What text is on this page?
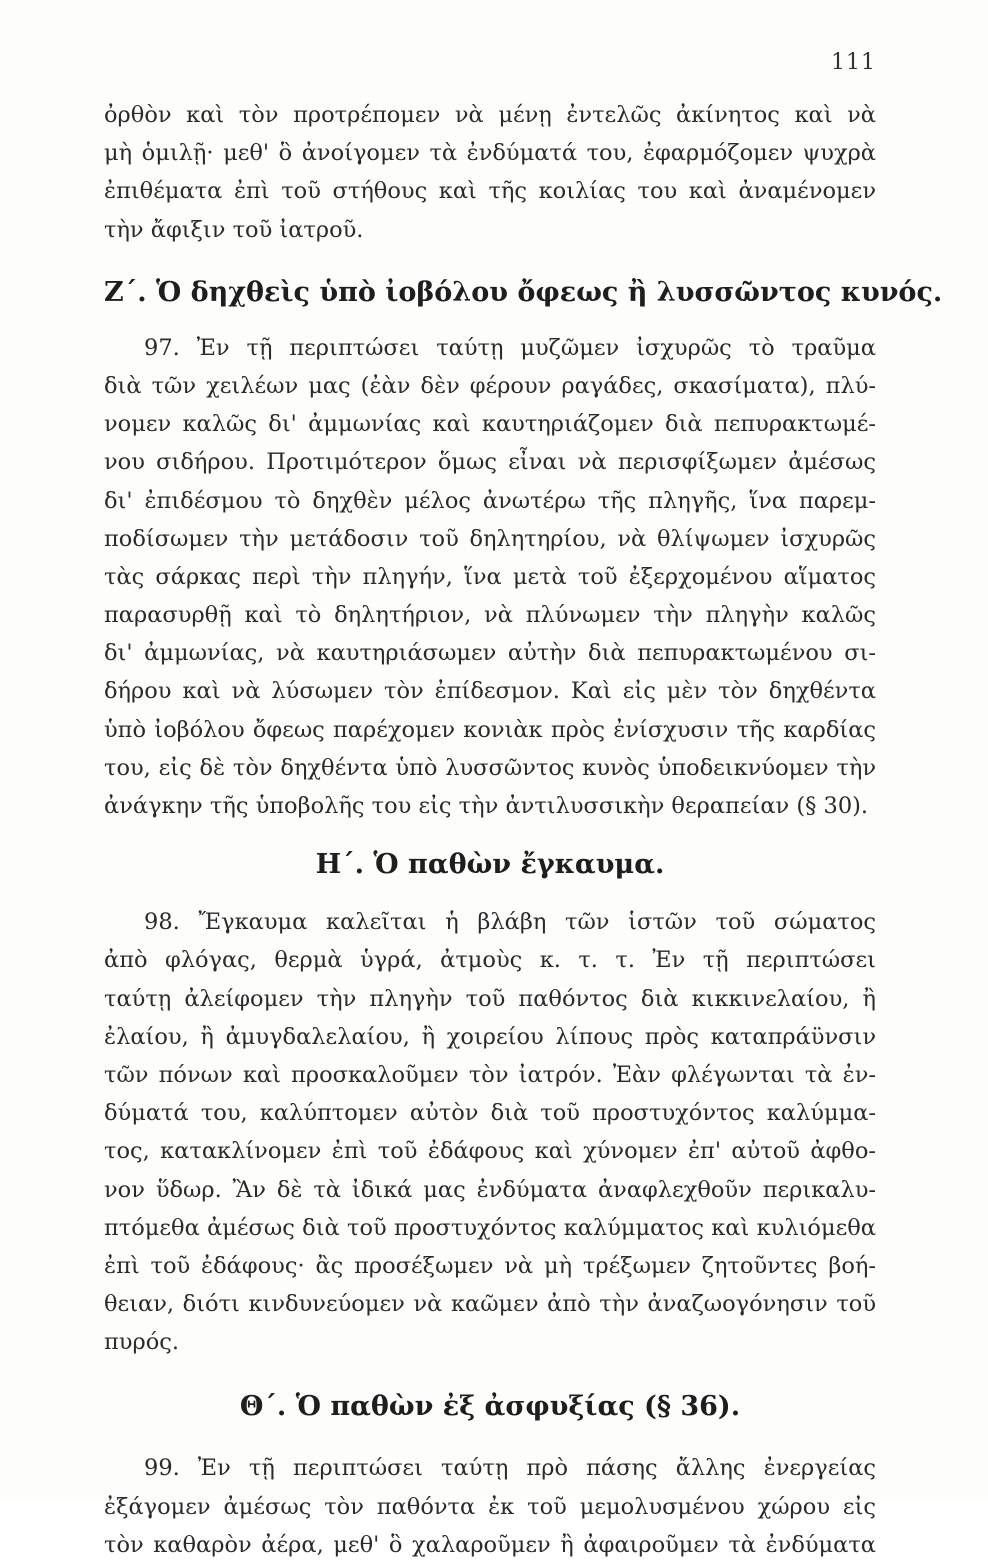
111
ὀρθὸν καὶ τὸν προτρέπομεν νὰ μένῃ ἐντελῶς ἀκίνητος καὶ νὰ
μὴ ὁμιλῇ· μεθ' ὃ ἀνοίγομεν τὰ ἐνδύματά του, ἐφαρμόζομεν ψυχρὰ
ἐπιθέματα ἐπὶ τοῦ στήθους καὶ τῆς κοιλίας του καὶ ἀναμένομεν
τὴν ἄφιξιν τοῦ ἰατροῦ.
Ζ΄. Ὁ δηχθεὶς ὑπὸ ἰοβόλου ὄφεως ἢ λυσσῶντος κυνός.
97. Ἐν τῇ περιπτώσει ταύτῃ μυζῶμεν ἰσχυρῶς τὸ τραῦμα
διὰ τῶν χειλέων μας (ἐὰν δὲν φέρουν ραγάδες, σκασίματα), πλύ-
νομεν καλῶς δι' ἀμμωνίας καὶ καυτηριάζομεν διὰ πεπυρακτωμέ-
νου σιδήρου. Προτιμότερον ὅμως εἶναι νὰ περισφίξωμεν ἀμέσως
δι' ἐπιδέσμου τὸ δηχθὲν μέλος ἀνωτέρω τῆς πληγῆς, ἵνα παρεμ-
ποδίσωμεν τὴν μετάδοσιν τοῦ δηλητηρίου, νὰ θλίψωμεν ἰσχυρῶς
τὰς σάρκας περὶ τὴν πληγήν, ἵνα μετὰ τοῦ ἐξερχομένου αἵματος
παρασυρθῇ καὶ τὸ δηλητήριον, νὰ πλύνωμεν τὴν πληγὴν καλῶς
δι' ἀμμωνίας, νὰ καυτηριάσωμεν αὐτὴν διὰ πεπυρακτωμένου σι-
δήρου καὶ νὰ λύσωμεν τὸν ἐπίδεσμον. Καὶ εἰς μὲν τὸν δηχθέντα
ὑπὸ ἰοβόλου ὄφεως παρέχομεν κονιὰκ πρὸς ἐνίσχυσιν τῆς καρδίας
του, εἰς δὲ τὸν δηχθέντα ὑπὸ λυσσῶντος κυνὸς ὑποδεικνύομεν τὴν
ἀνάγκην τῆς ὑποβολῆς του εἰς τὴν ἀντιλυσσικὴν θεραπείαν (§ 30).
Η΄. Ὁ παθὼν ἔγκαυμα.
98. Ἔγκαυμα καλεῖται ἡ βλάβη τῶν ἱστῶν τοῦ σώματος
ἀπὸ φλόγας, θερμὰ ὑγρά, ἀτμοὺς κ. τ. τ. Ἐν τῇ περιπτώσει
ταύτῃ ἀλείφομεν τὴν πληγὴν τοῦ παθόντος διὰ κικκινελαίου, ἢ
ἐλαίου, ἢ ἀμυγδαλελαίου, ἢ χοιρείου λίπους πρὸς καταπράϋνσιν
τῶν πόνων καὶ προσκαλοῦμεν τὸν ἰατρόν. Ἐὰν φλέγωνται τὰ ἐν-
δύματά του, καλύπτομεν αὐτὸν διὰ τοῦ προστυχόντος καλύμμα-
τος, κατακλίνομεν ἐπὶ τοῦ ἐδάφους καὶ χύνομεν ἐπ' αὐτοῦ ἀφθο-
νον ὕδωρ. Ἂν δὲ τὰ ἰδικά μας ἐνδύματα ἀναφλεχθοῦν περικαλυ-
πτόμεθα ἀμέσως διὰ τοῦ προστυχόντος καλύμματος καὶ κυλιόμεθα
ἐπὶ τοῦ ἐδάφους· ἂς προσέξωμεν νὰ μὴ τρέξωμεν ζητοῦντες βοή-
θειαν, διότι κινδυνεύομεν νὰ καῶμεν ἀπὸ τὴν ἀναζωογόνησιν τοῦ
πυρός.
Θ΄. Ὁ παθὼν ἐξ ἀσφυξίας (§ 36).
99. Ἐν τῇ περιπτώσει ταύτῃ πρὸ πάσης ἄλλης ἐνεργείας
ἐξάγομεν ἀμέσως τὸν παθόντα ἐκ τοῦ μεμολυσμένου χώρου εἰς
τὸν καθαρὸν ἀέρα, μεθ' ὃ χαλαροῦμεν ἢ ἀφαιροῦμεν τὰ ἐνδύματα
